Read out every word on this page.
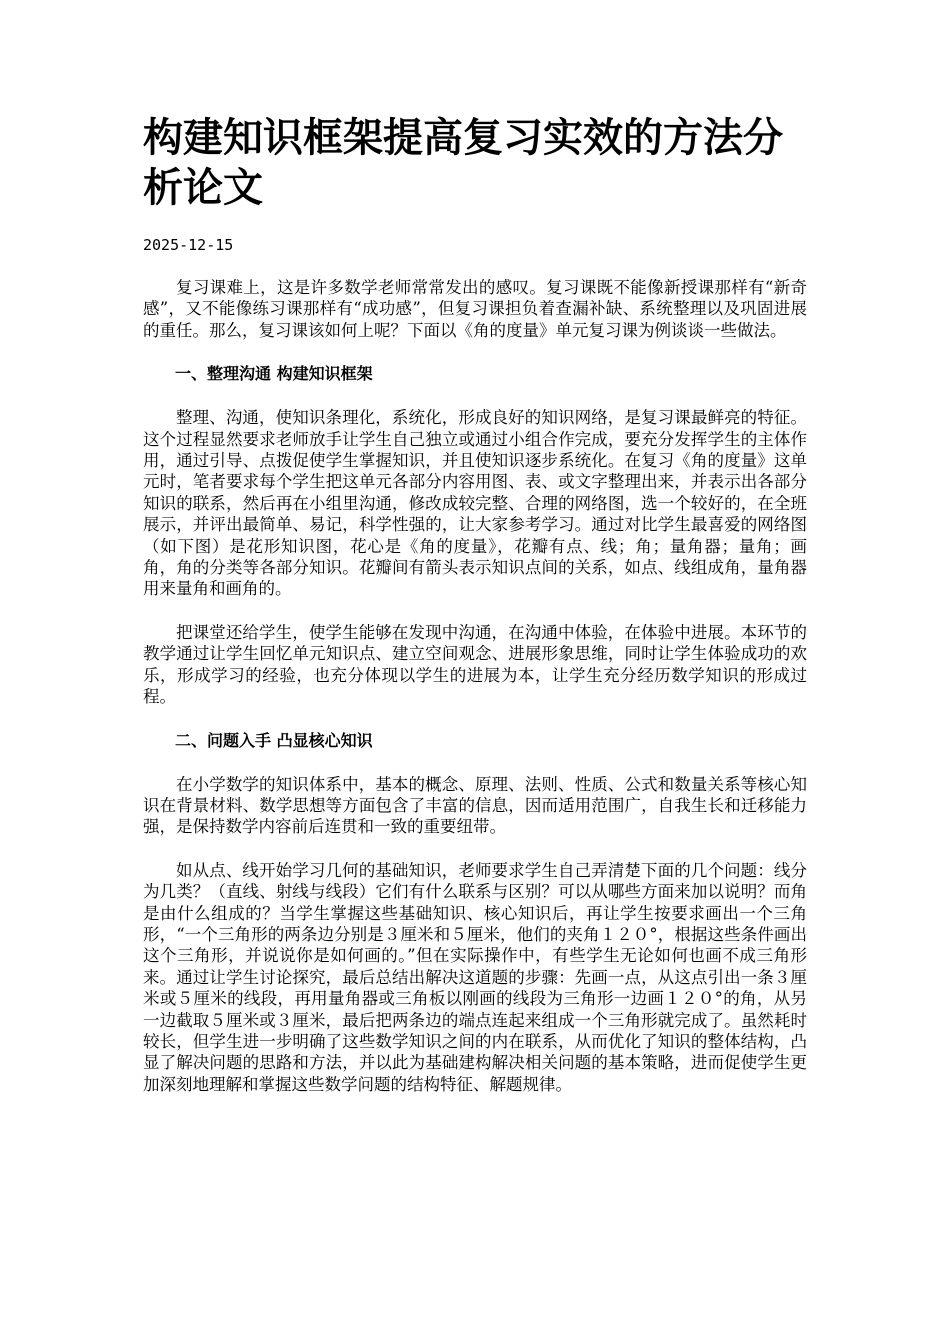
构建知识框架提高复习实效的方法分析论文
2025-12-15

复习课难上，这是许多数学老师常常发出的感叹。复习课既不能像新授课那样有“新奇感”，又不能像练习课那样有“成功感”，但复习课担负着查漏补缺、系统整理以及巩固进展的重任。那么，复习课该如何上呢？下面以《角的度量》单元复习课为例谈谈一些做法。

一、整理沟通 构建知识框架

整理、沟通，使知识条理化，系统化，形成良好的知识网络，是复习课最鲜亮的特征。这个过程显然要求老师放手让学生自己独立或通过小组合作完成，要充分发挥学生的主体作用，通过引导、点拨促使学生掌握知识，并且使知识逐步系统化。在复习《角的度量》这单元时，笔者要求每个学生把这单元各部分内容用图、表、或文字整理出来，并表示出各部分知识的联系，然后再在小组里沟通，修改成较完整、合理的网络图，选一个较好的，在全班展示，并评出最简单、易记，科学性强的，让大家参考学习。通过对比学生最喜爱的网络图（如下图）是花形知识图，花心是《角的度量》，花瓣有点、线；角；量角器；量角；画角，角的分类等各部分知识。花瓣间有箭头表示知识点间的关系，如点、线组成角，量角器用来量角和画角的。

把课堂还给学生，使学生能够在发现中沟通，在沟通中体验，在体验中进展。本环节的教学通过让学生回忆单元知识点、建立空间观念、进展形象思维，同时让学生体验成功的欢乐，形成学习的经验，也充分体现以学生的进展为本，让学生充分经历数学知识的形成过程。

二、问题入手 凸显核心知识

在小学数学的知识体系中，基本的概念、原理、法则、性质、公式和数量关系等核心知识在背景材料、数学思想等方面包含了丰富的信息，因而适用范围广，自我生长和迁移能力强，是保持数学内容前后连贯和一致的重要纽带。

如从点、线开始学习几何的基础知识，老师要求学生自己弄清楚下面的几个问题：线分为几类？（直线、射线与线段）它们有什么联系与区别？可以从哪些方面来加以说明？而角是由什么组成的？当学生掌握这些基础知识、核心知识后，再让学生按要求画出一个三角形，“一个三角形的两条边分别是３厘米和５厘米，他们的夹角１２０°，根据这些条件画出这个三角形，并说说你是如何画的。”但在实际操作中，有些学生无论如何也画不成三角形来。通过让学生讨论探究，最后总结出解决这道题的步骤：先画一点，从这点引出一条３厘米或５厘米的线段，再用量角器或三角板以刚画的线段为三角形一边画１２０°的角，从另一边截取５厘米或３厘米，最后把两条边的端点连起来组成一个三角形就完成了。虽然耗时较长，但学生进一步明确了这些数学知识之间的内在联系，从而优化了知识的整体结构，凸显了解决问题的思路和方法，并以此为基础建构解决相关问题的基本策略，进而促使学生更加深刻地理解和掌握这些数学问题的结构特征、解题规律。
